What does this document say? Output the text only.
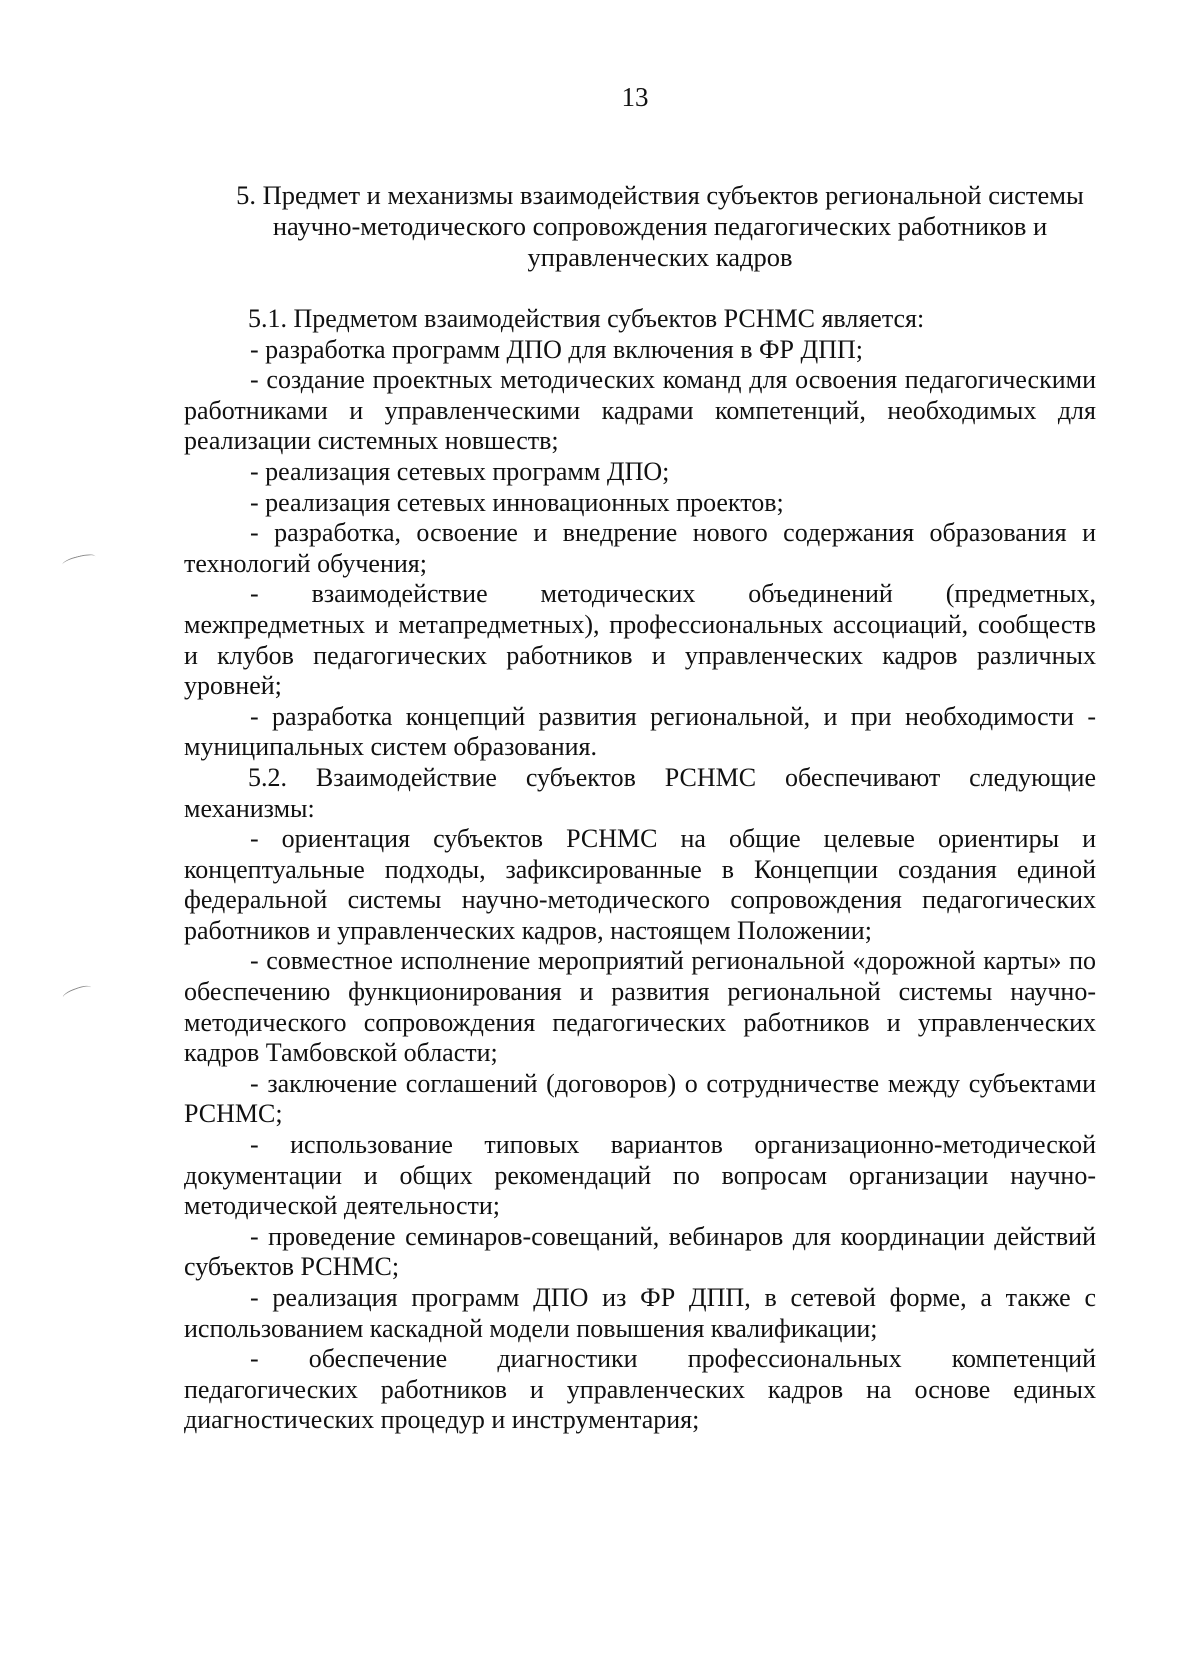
13
5. Предмет и механизмы взаимодействия субъектов региональной системы
научно-методического сопровождения педагогических работников и
управленческих кадров

5.1. Предметом взаимодействия субъектов РСНМС является:

- разработка программ ДПО для включения в ФР ДПП;

- создание проектных методических команд для освоения педагогическими работниками и управленческими кадрами компетенций, необходимых для реализации системных новшеств;

- реализация сетевых программ ДПО;

- реализация сетевых инновационных проектов;

- разработка, освоение и внедрение нового содержания образования и технологий обучения;

- взаимодействие методических объединений (предметных, межпредметных и метапредметных), профессиональных ассоциаций, сообществ и клубов педагогических работников и управленческих кадров различных уровней;

- разработка концепций развития региональной, и при необходимости - муниципальных систем образования.

5.2. Взаимодействие субъектов РСНМС обеспечивают следующие механизмы:

- ориентация субъектов РСНМС на общие целевые ориентиры и концептуальные подходы, зафиксированные в Концепции создания единой федеральной системы научно-методического сопровождения педагогических работников и управленческих кадров, настоящем Положении;

- совместное исполнение мероприятий региональной «дорожной карты» по обеспечению функционирования и развития региональной системы научно-методического сопровождения педагогических работников и управленческих кадров Тамбовской области;

- заключение соглашений (договоров) о сотрудничестве между субъектами РСНМС;

- использование типовых вариантов организационно-методической документации и общих рекомендаций по вопросам организации научно-методической деятельности;

- проведение семинаров-совещаний, вебинаров для координации действий субъектов РСНМС;

- реализация программ ДПО из ФР ДПП, в сетевой форме, а также с использованием каскадной модели повышения квалификации;

- обеспечение диагностики профессиональных компетенций педагогических работников и управленческих кадров на основе единых диагностических процедур и инструментария;
